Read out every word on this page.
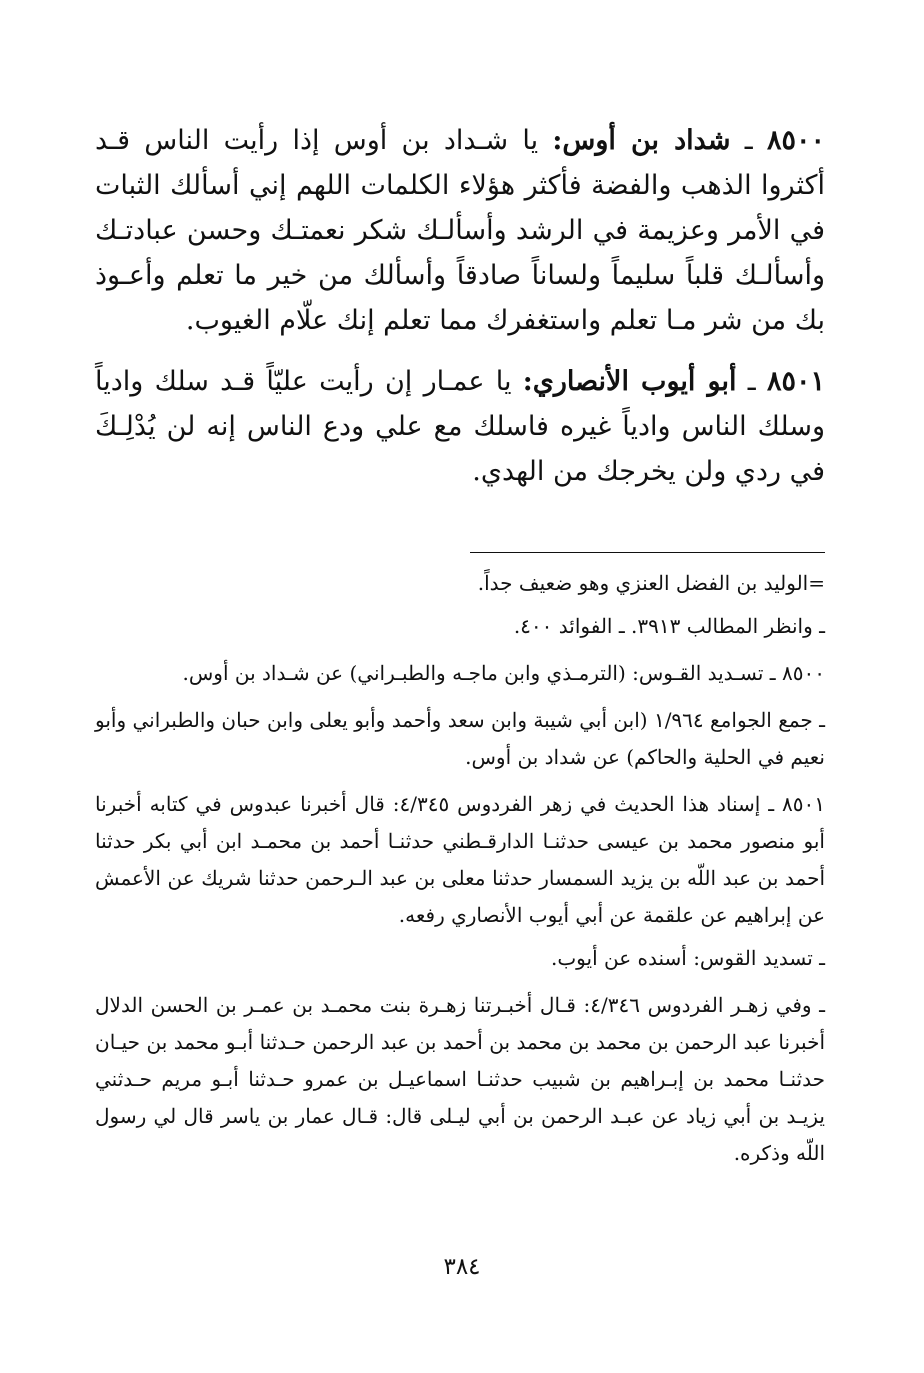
٨٥٠٠ ـ شداد بن أوس: يا شـداد بن أوس إذا رأيت الناس قـد أكثروا الذهب والفضة فأكثر هؤلاء الكلمات اللهم إني أسألك الثبات في الأمر وعزيمة في الرشد وأسألـك شكر نعمتـك وحسن عبادتـك وأسألـك قلباً سليماً ولساناً صادقاً وأسألك من خير ما تعلم وأعـوذ بك من شر مـا تعلم واستغفرك مما تعلم إنك علّام الغيوب.

٨٥٠١ ـ أبو أيوب الأنصاري: يا عمـار إن رأيت عليّاً قـد سلك وادياً وسلك الناس وادياً غيره فاسلك مع علي ودع الناس إنه لن يُدْلِـكَ في ردي ولن يخرجك من الهدي.

=الوليد بن الفضل العنزي وهو ضعيف جداً.

ـ وانظر المطالب ٣٩١٣. ـ الفوائد ٤٠٠.

٨٥٠٠ ـ تسـديد القـوس: (الترمـذي وابن ماجـه والطبـراني) عن شـداد بن أوس.

ـ جمع الجوامع ١/٩٦٤ (ابن أبي شيبة وابن سعد وأحمد وأبو يعلى وابن حبان والطبراني وأبو نعيم في الحلية والحاكم) عن شداد بن أوس.

٨٥٠١ ـ إسناد هذا الحديث في زهر الفردوس ٤/٣٤٥: قال أخبرنا عبدوس في كتابه أخبرنا أبو منصور محمد بن عيسى حدثنـا الدارقـطني حدثنـا أحمد بن محمـد ابن أبي بكر حدثنا أحمد بن عبد اللّه بن يزيد السمسار حدثنا معلى بن عبد الـرحمن حدثنا شريك عن الأعمش عن إبراهيم عن علقمة عن أبي أيوب الأنصاري رفعه.

ـ تسديد القوس: أسنده عن أيوب.

ـ وفي زهـر الفردوس ٤/٣٤٦: قـال أخبـرتنا زهـرة بنت محمـد بن عمـر بن الحسن الدلال أخبرنا عبد الرحمن بن محمد بن محمد بن أحمد بن عبد الرحمن حـدثنا أبـو محمد بن حيـان حدثنـا محمد بن إبـراهيم بن شبيب حدثنـا اسماعيـل بن عمرو حـدثنا أبـو مريم حـدثني يزيـد بن أبي زياد عن عبـد الرحمن بن أبي ليـلى قال: قـال عمار بن ياسر قال لي رسول اللّه وذكره.

٣٨٤
